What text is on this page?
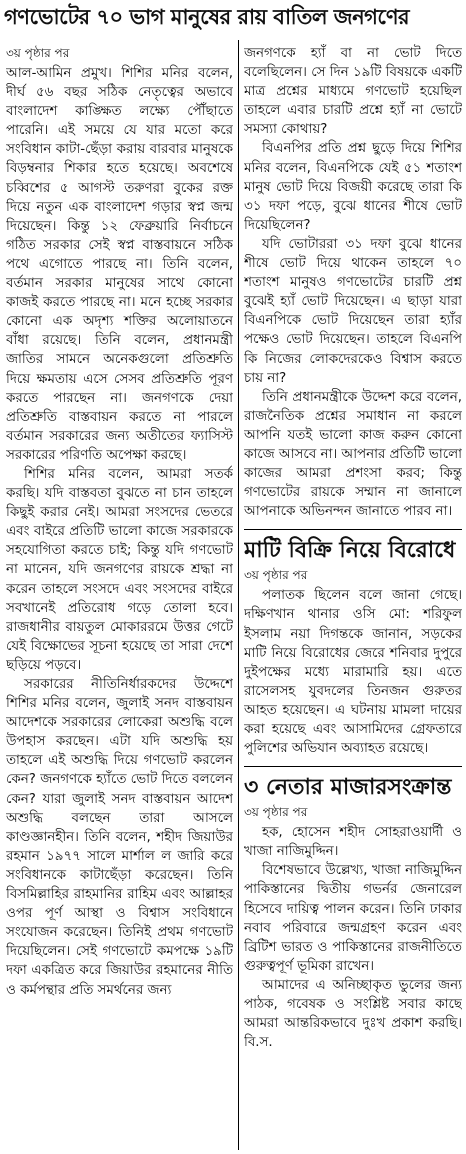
গণভোটের ৭০ ভাগ মানুষের রায় বাতিল জনগণের
৩য় পৃষ্ঠার পর

আল-আমিন প্রমুখ। শিশির মনির বলেন, দীর্ঘ ৫৬ বছর সঠিক নেতৃত্বের অভাবে বাংলাদেশ কাঙ্ক্ষিত লক্ষ্যে পৌঁছাতে পারেনি। এই সময়ে যে যার মতো করে সংবিধান কাটা-ছেঁড়া করায় বারবার মানুষকে বিড়ম্বনার শিকার হতে হয়েছে। অবশেষে চব্বিশের ৫ আগস্ট তরুণরা বুকের রক্ত দিয়ে নতুন এক বাংলাদেশ গড়ার স্বপ্ন জন্ম দিয়েছেন। কিন্তু ১২ ফেব্রুয়ারি নির্বাচনে গঠিত সরকার সেই স্বপ্ন বাস্তবায়নে সঠিক পথে এগোতে পারছে না। তিনি বলেন, বর্তমান সরকার মানুষের সাথে কোনো কাজই করতে পারছে না। মনে হচ্ছে সরকার কোনো এক অদৃশ্য শক্তির অলোয়াতনে বাঁধা রয়েছে। তিনি বলেন, প্রধানমন্ত্রী জাতির সামনে অনেকগুলো প্রতিশ্রুতি দিয়ে ক্ষমতায় এসে সেসব প্রতিশ্রুতি পূরণ করতে পারছেন না। জনগণকে দেয়া প্রতিশ্রুতি বাস্তবায়ন করতে না পারলে বর্তমান সরকারের জন্য অতীতের ফ্যাসিস্ট সরকারের পরিণতি অপেক্ষা করছে।

শিশির মনির বলেন, আমরা সতর্ক করছি। যদি বাস্তবতা বুঝতে না চান তাহলে কিছুই করার নেই। আমরা সংসদের ভেতরে এবং বাইরে প্রতিটি ভালো কাজে সরকারকে সহযোগিতা করতে চাই; কিন্তু যদি গণভোট না মানেন, যদি জনগণের রায়কে শ্রদ্ধা না করেন তাহলে সংসদে এবং সংসদের বাইরে সবখানেই প্রতিরোধ গড়ে তোলা হবে। রাজধানীর বায়তুল মোকাররমে উত্তর গেটে যেই বিক্ষোভের সূচনা হয়েছে তা সারা দেশে ছড়িয়ে পড়বে।

সরকারের নীতিনির্ধারকদের উদ্দেশে শিশির মনির বলেন, জুলাই সনদ বাস্তবায়ন আদেশকে সরকারের লোকেরা অশুদ্ধি বলে উপহাস করছেন। এটা যদি অশুদ্ধি হয় তাহলে এই অশুদ্ধি দিয়ে গণভোট করলেন কেন? জনগণকে হ্যাঁতে ভোট দিতে বললেন কেন? যারা জুলাই সনদ বাস্তবায়ন আদেশ অশুদ্ধি বলছেন তারা আসলে কাণ্ডজ্ঞানহীন। তিনি বলেন, শহীদ জিয়াউর রহমান ১৯৭৭ সালে মার্শাল ল জারি করে সংবিধানকে কাটাছেঁড়া করেছেন। তিনি বিসমিল্লাহির রাহমানির রাহিম এবং আল্লাহর ওপর পূর্ণ আস্থা ও বিশ্বাস সংবিধানে সংযোজন করেছেন। তিনিই প্রথম গণভোট দিয়েছিলেন। সেই গণভোটে কমপক্ষে ১৯টি দফা একত্রিত করে জিয়াউর রহমানের নীতি ও কর্মপন্থার প্রতি সমর্থনের জন্য

জনগণকে হ্যাঁ বা না ভোট দিতে বলেছিলেন। সে দিন ১৯টি বিষয়কে একটি মাত্র প্রশ্নের মাধ্যমে গণভোট হয়েছিল তাহলে এবার চারটি প্রশ্নে হ্যাঁ না ভোটে সমস্যা কোথায়?

বিএনপির প্রতি প্রশ্ন ছুড়ে দিয়ে শিশির মনির বলেন, বিএনপিকে যেই ৫১ শতাংশ মানুষ ভোট দিয়ে বিজয়ী করেছে তারা কি ৩১ দফা পড়ে, বুঝে ধানের শীষে ভোট দিয়েছিলেন?

যদি ভোটাররা ৩১ দফা বুঝে ধানের শীষে ভোট দিয়ে থাকেন তাহলে ৭০ শতাংশ মানুষও গণভোটের চারটি প্রশ্ন বুঝেই হ্যাঁ ভোট দিয়েছেন। এ ছাড়া যারা বিএনপিকে ভোট দিয়েছেন তারা হ্যাঁর পক্ষেও ভোট দিয়েছেন। তাহলে বিএনপি কি নিজের লোকদেরকেও বিশ্বাস করতে চায় না?

তিনি প্রধানমন্ত্রীকে উদ্দেশ করে বলেন, রাজনৈতিক প্রশ্নের সমাধান না করলে আপনি যতই ভালো কাজ করুন কোনো কাজে আসবে না। আপনার প্রতিটি ভালো কাজের আমরা প্রশংসা করব; কিন্তু গণভোটের রায়কে সম্মান না জানালে আপনাকে অভিনন্দন জানাতে পারব না।

মাটি বিক্রি নিয়ে বিরোধে
৩য় পৃষ্ঠার পর

পলাতক ছিলেন বলে জানা গেছে। দক্ষিণখান থানার ওসি মো: শরিফুল ইসলাম নয়া দিগন্তকে জানান, সড়কের মাটি নিয়ে বিরোধের জেরে শনিবার দুপুরে দুইপক্ষের মধ্যে মারামারি হয়। এতে রাসেলসহ যুবদলের তিনজন গুরুতর আহত হয়েছেন। এ ঘটনায় মামলা দায়ের করা হয়েছে এবং আসামিদের গ্রেফতারে পুলিশের অভিযান অব্যাহত রয়েছে।

৩ নেতার মাজারসংক্রান্ত
৩য় পৃষ্ঠার পর

হক, হোসেন শহীদ সোহরাওয়ার্দী ও খাজা নাজিমুদ্দিন।

বিশেষভাবে উল্লেখ্য, খাজা নাজিমুদ্দিন পাকিস্তানের দ্বিতীয় গভর্নর জেনারেল হিসেবে দায়িত্ব পালন করেন। তিনি ঢাকার নবাব পরিবারে জন্মগ্রহণ করেন এবং ব্রিটিশ ভারত ও পাকিস্তানের রাজনীতিতে গুরুত্বপূর্ণ ভূমিকা রাখেন।

আমাদের এ অনিচ্ছাকৃত ভুলের জন্য পাঠক, গবেষক ও সংশ্লিষ্ট সবার কাছে আমরা আন্তরিকভাবে দুঃখ প্রকাশ করছি। বি.স.
